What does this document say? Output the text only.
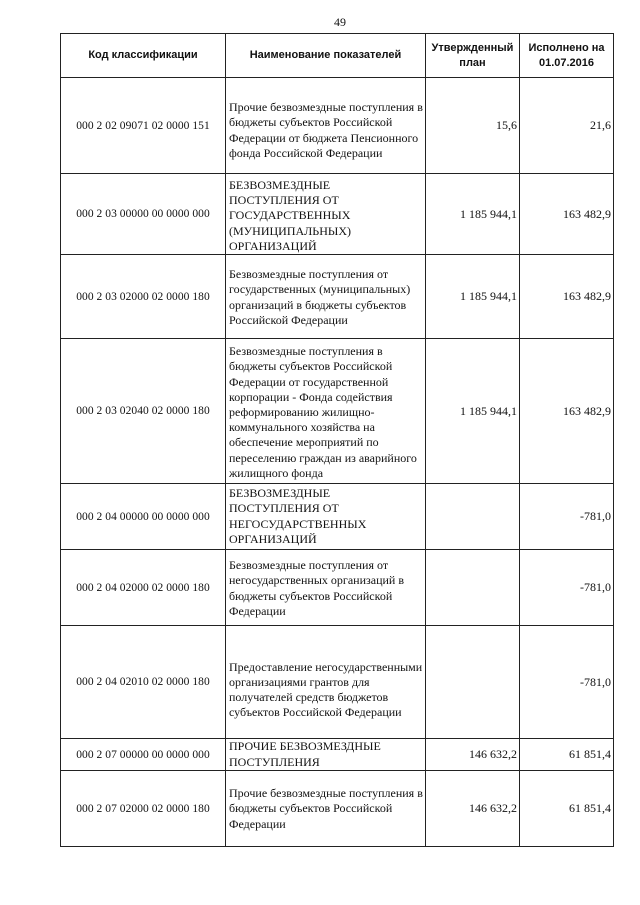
49
Код классификации	Наименование показателей	Утвержденный план	Исполнено на 01.07.2016
000 2 02 09071 02 0000 151	Прочие безвозмездные поступления в бюджеты субъектов Российской Федерации от бюджета Пенсионного фонда Российской Федерации	15,6	21,6
000 2 03 00000 00 0000 000	БЕЗВОЗМЕЗДНЫЕ ПОСТУПЛЕНИЯ ОТ ГОСУДАРСТВЕННЫХ (МУНИЦИПАЛЬНЫХ) ОРГАНИЗАЦИЙ	1 185 944,1	163 482,9
000 2 03 02000 02 0000 180	Безвозмездные поступления от государственных (муниципальных) организаций в бюджеты субъектов Российской Федерации	1 185 944,1	163 482,9
000 2 03 02040 02 0000 180	Безвозмездные поступления в бюджеты субъектов Российской Федерации от государственной корпорации - Фонда содействия реформированию жилищно-коммунального хозяйства на обеспечение мероприятий по переселению граждан из аварийного жилищного фонда	1 185 944,1	163 482,9
000 2 04 00000 00 0000 000	БЕЗВОЗМЕЗДНЫЕ ПОСТУПЛЕНИЯ ОТ НЕГОСУДАРСТВЕННЫХ ОРГАНИЗАЦИЙ		-781,0
000 2 04 02000 02 0000 180	Безвозмездные поступления от негосударственных организаций в бюджеты субъектов Российской Федерации		-781,0
000 2 04 02010 02 0000 180	Предоставление негосударственными организациями грантов для получателей средств бюджетов субъектов Российской Федерации		-781,0
000 2 07 00000 00 0000 000	ПРОЧИЕ БЕЗВОЗМЕЗДНЫЕ ПОСТУПЛЕНИЯ	146 632,2	61 851,4
000 2 07 02000 02 0000 180	Прочие безвозмездные поступления в бюджеты субъектов Российской Федерации	146 632,2	61 851,4
